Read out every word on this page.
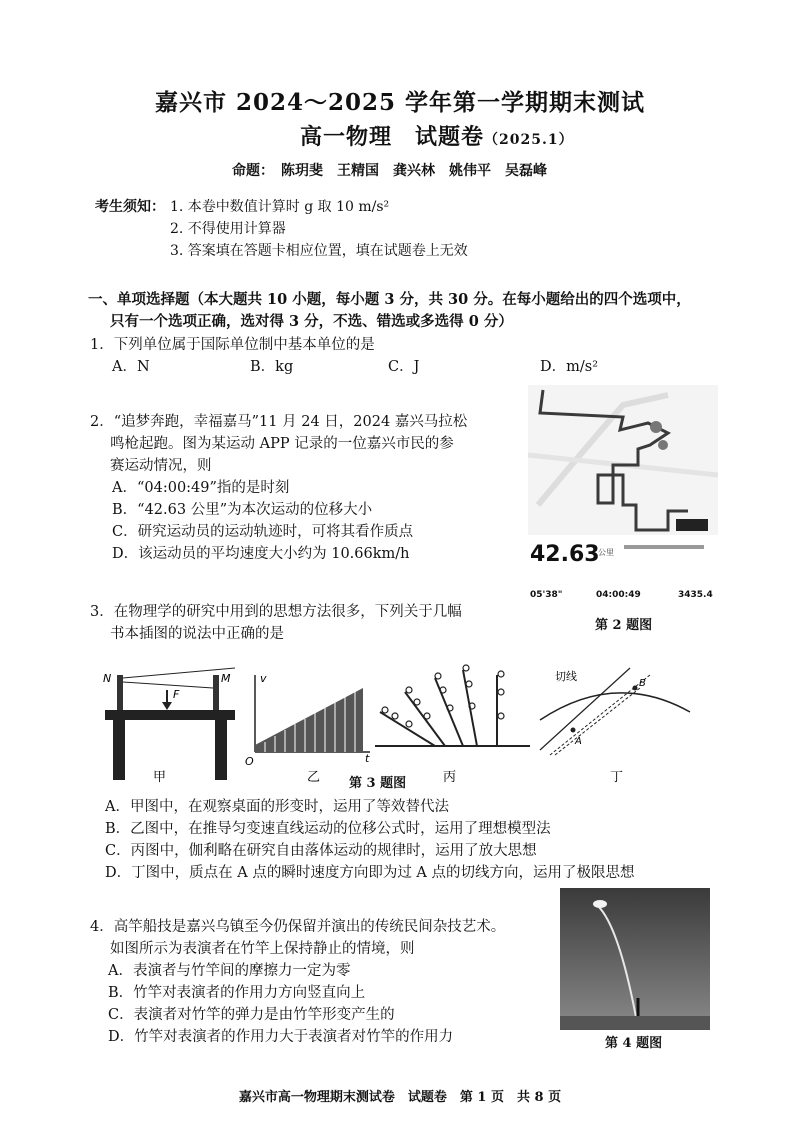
嘉兴市 2024～2025 学年第一学期期末测试
高一物理　试题卷（2025.1）
命题：　陈玥斐　王精国　龚兴林　姚伟平　吴磊峰
考生须知： 1. 本卷中数值计算时 g 取 10 m/s²
2. 不得使用计算器
3. 答案填在答题卡相应位置，填在试题卷上无效
一、单项选择题（本大题共 10 小题，每小题 3 分，共 30 分。在每小题给出的四个选项中，
只有一个选项正确，选对得 3 分，不选、错选或多选得 0 分）
1．下列单位属于国际单位制中基本单位的是
A．N	B．kg	C．J	D．m/s²
2．“追梦奔跑，幸福嘉马”11 月 24 日，2024 嘉兴马拉松
鸣枪起跑。图为某运动 APP 记录的一位嘉兴市民的参
赛运动情况，则
A．“04:00:49”指的是时刻
B．“42.63 公里”为本次运动的位移大小
C．研究运动员的运动轨迹时，可将其看作质点
D．该运动员的平均速度大小约为 10.66km/h	42.63
公里
05'38"	04:00:49	3435.4
第 2 题图
3．在物理学的研究中用到的思想方法很多，下列关于几幅
书本插图的说法中正确的是
N	M
F
甲
v
t
O
乙	丙
切线
A
B
丁
第 3 题图
A．甲图中，在观察桌面的形变时，运用了等效替代法
B．乙图中，在推导匀变速直线运动的位移公式时，运用了理想模型法
C．丙图中，伽利略在研究自由落体运动的规律时，运用了放大思想
D．丁图中，质点在 A 点的瞬时速度方向即为过 A 点的切线方向，运用了极限思想
4．高竿船技是嘉兴乌镇至今仍保留并演出的传统民间杂技艺术。
如图所示为表演者在竹竿上保持静止的情境，则
A．表演者与竹竿间的摩擦力一定为零
B．竹竿对表演者的作用力方向竖直向上
C．表演者对竹竿的弹力是由竹竿形变产生的
D．竹竿对表演者的作用力大于表演者对竹竿的作用力	第 4 题图
嘉兴市高一物理期末测试卷　试题卷　第 1 页　共 8 页
